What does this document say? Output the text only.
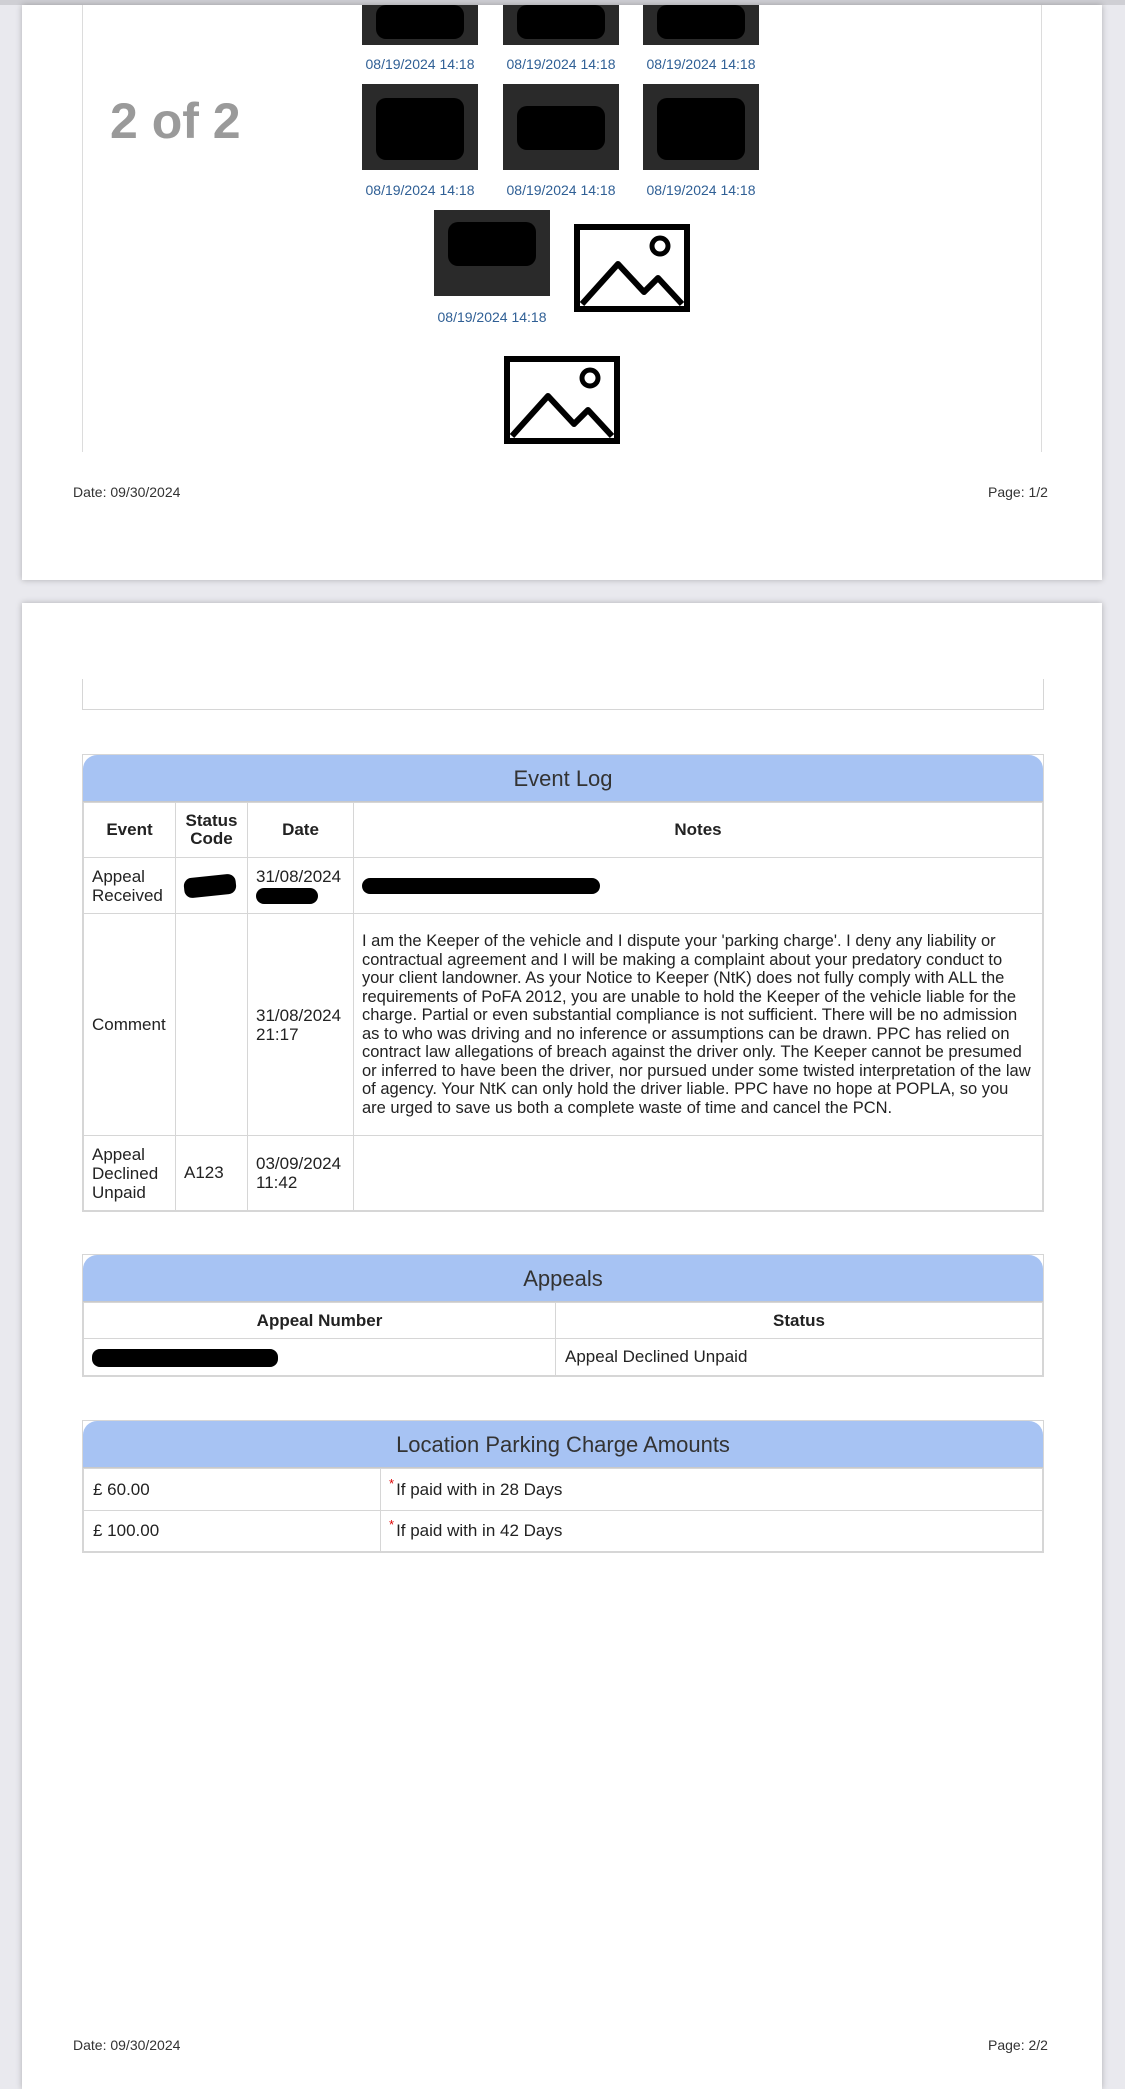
08/19/2024 14:18	08/19/2024 14:18	08/19/2024 14:18
08/19/2024 14:18	08/19/2024 14:18	08/19/2024 14:18
2 of 2
08/19/2024 14:18
Date: 09/30/2024	Page: 1/2
Event Log
Event	Status Code	Date	Notes
Appeal Received		31/08/2024

Comment		31/08/2024 21:17	I am the Keeper of the vehicle and I dispute your 'parking charge'. I deny any liability or contractual agreement and I will be making a complaint about your predatory conduct to your client landowner. As your Notice to Keeper (NtK) does not fully comply with ALL the requirements of PoFA 2012, you are unable to hold the Keeper of the vehicle liable for the charge. Partial or even substantial compliance is not sufficient. There will be no admission as to who was driving and no inference or assumptions can be drawn. PPC has relied on contract law allegations of breach against the driver only. The Keeper cannot be presumed or inferred to have been the driver, nor pursued under some twisted interpretation of the law of agency. Your NtK can only hold the driver liable. PPC have no hope at POPLA, so you are urged to save us both a complete waste of time and cancel the PCN.
Appeal Declined Unpaid	A123	03/09/2024 11:42	
Appeals
Appeal Number	Status
	Appeal Declined Unpaid
Location Parking Charge Amounts
£ 60.00	* If paid with in 28 Days
£ 100.00	* If paid with in 42 Days
Date: 09/30/2024	Page: 2/2
